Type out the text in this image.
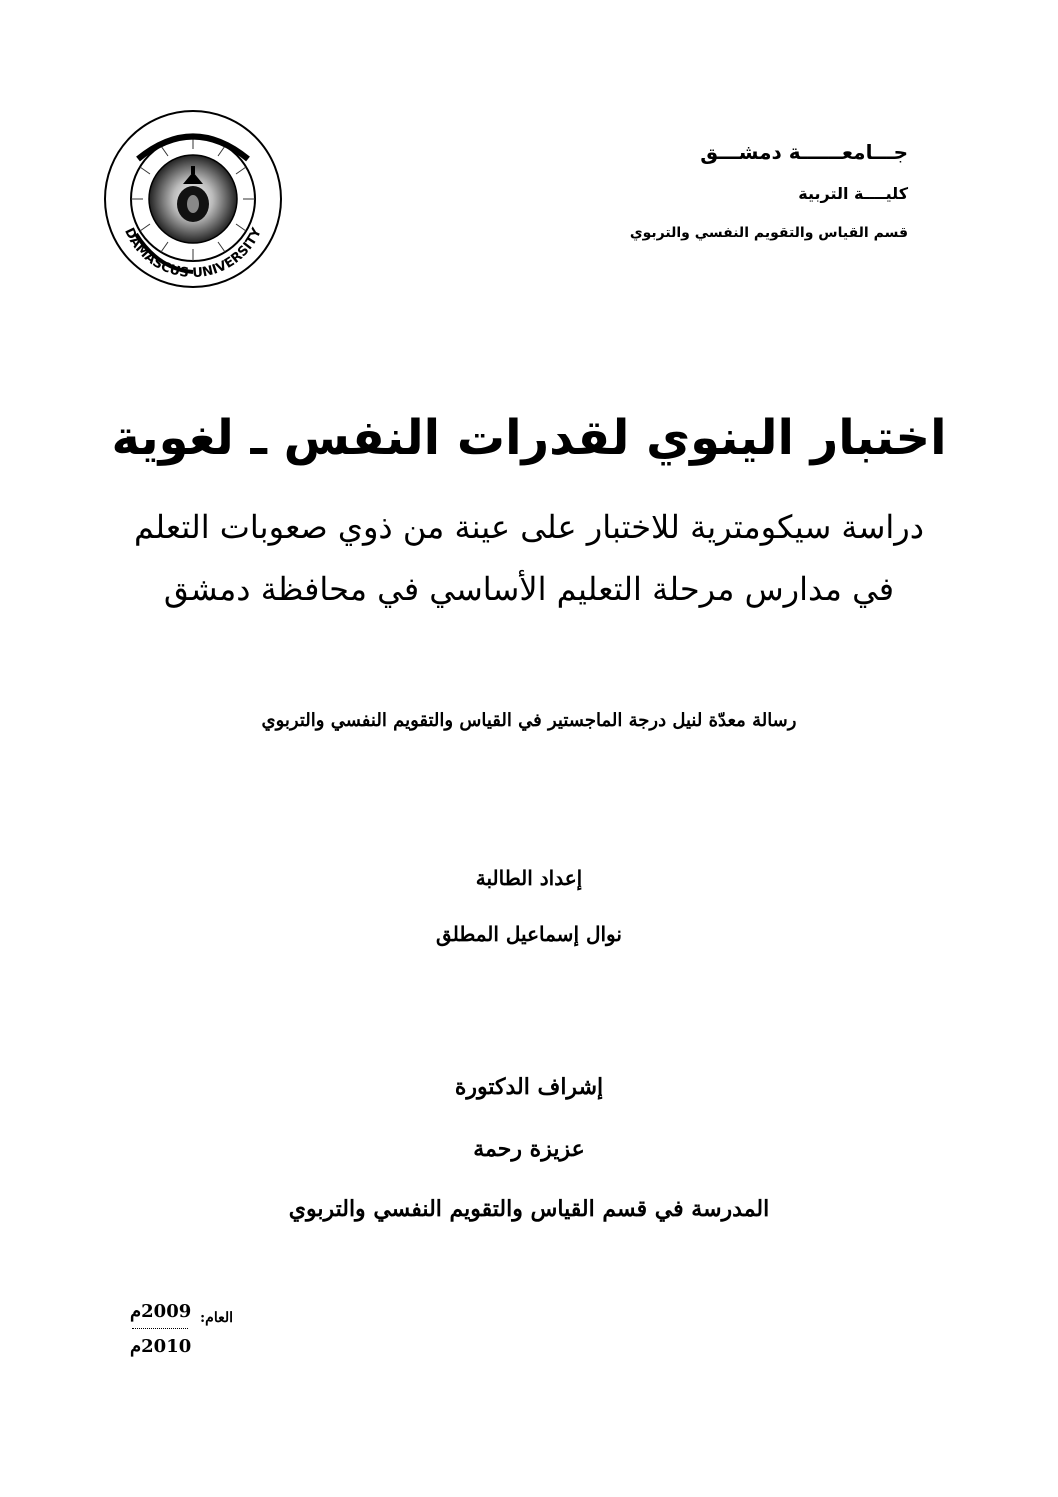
جـــامعــــــة دمشـــق
كليــــة التربية
قسم القياس والتقويم النفسي والتربوي
DAMASCUS UNIVERSITY
اختبار الينوي لقدرات النفس ـ لغوية
دراسة سيكومترية للاختبار على عينة من ذوي صعوبات التعلم
في مدارس مرحلة التعليم الأساسي في محافظة دمشق
رسالة معدّة لنيل درجة الماجستير في القياس والتقويم النفسي والتربوي
إعداد الطالبة
نوال إسماعيل المطلق
إشراف الدكتورة
عزيزة رحمة
المدرسة في قسم القياس والتقويم النفسي والتربوي
العام:
2009م
2010م
